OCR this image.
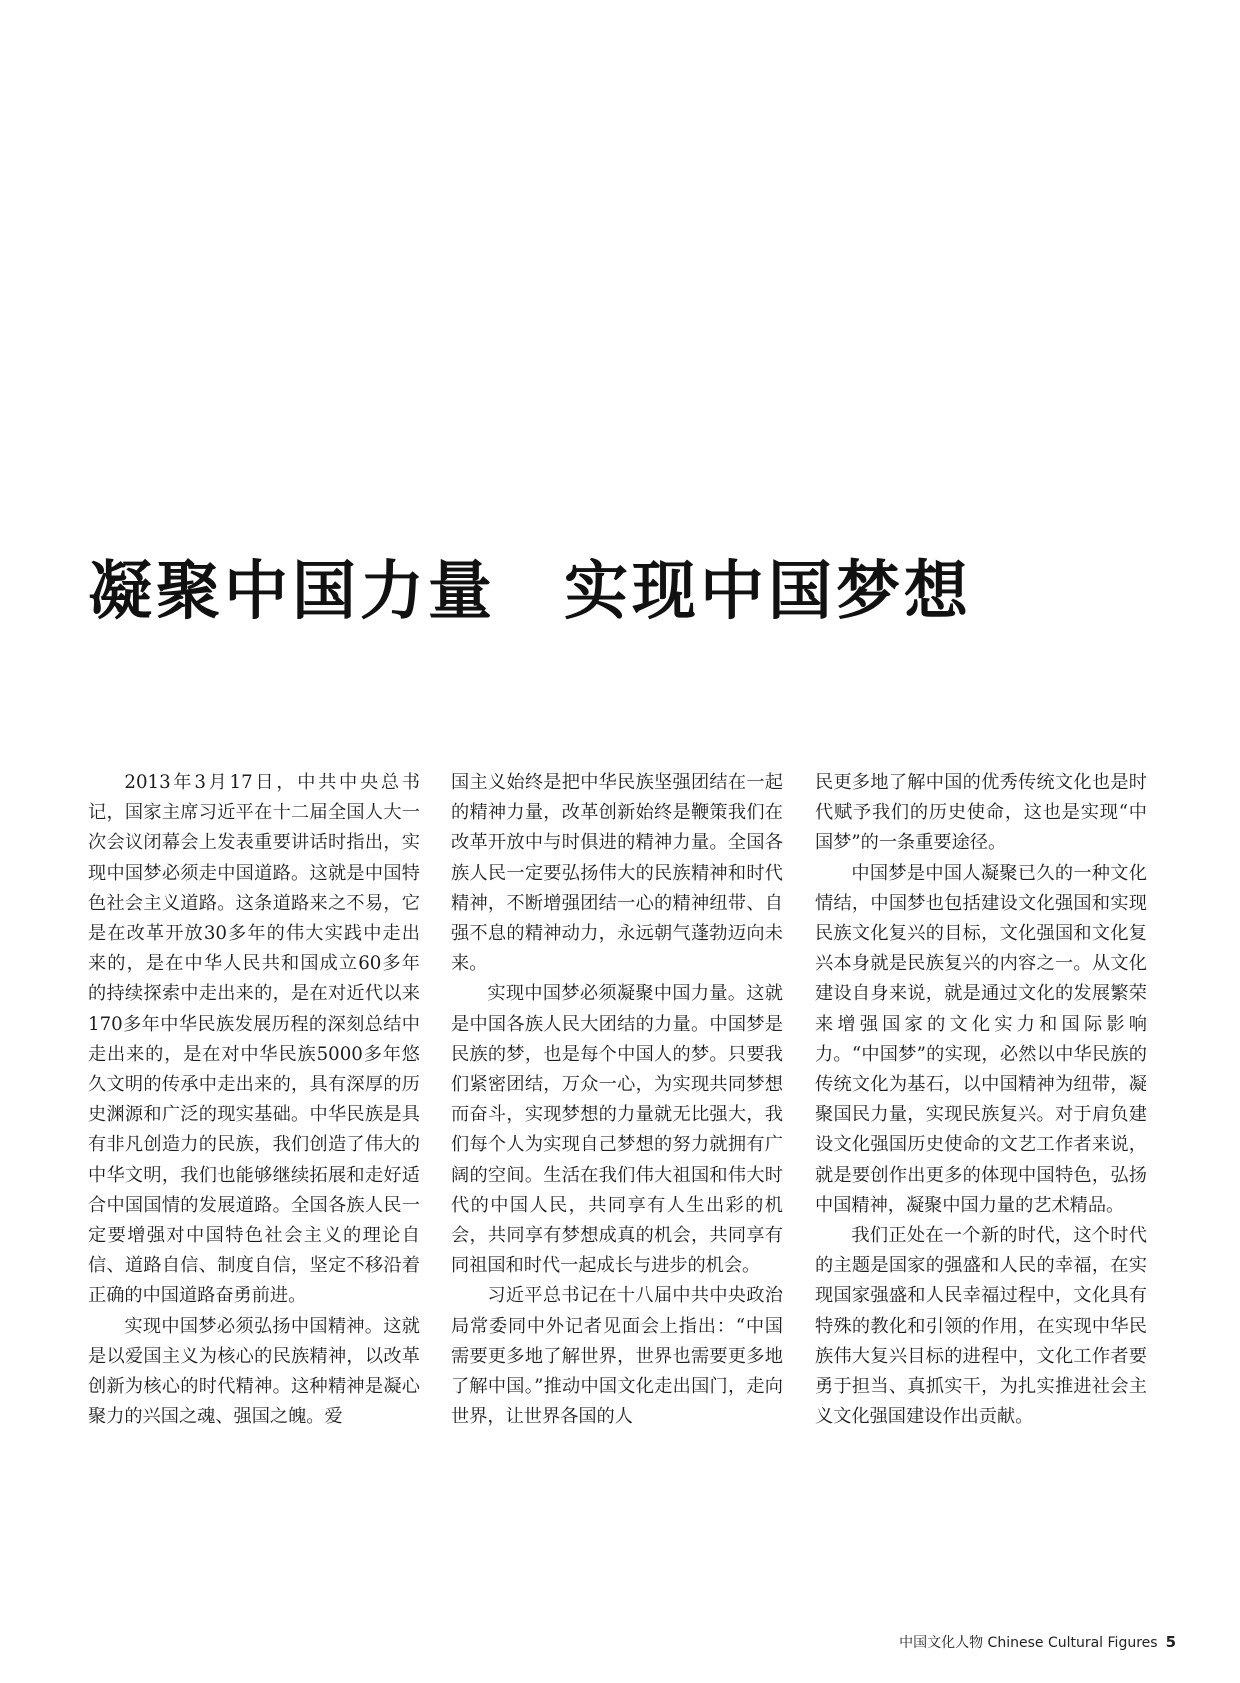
凝聚中国力量　实现中国梦想

2013年3月17日，中共中央总书记，国家主席习近平在十二届全国人大一次会议闭幕会上发表重要讲话时指出，实现中国梦必须走中国道路。这就是中国特色社会主义道路。这条道路来之不易，它是在改革开放30多年的伟大实践中走出来的，是在中华人民共和国成立60多年的持续探索中走出来的，是在对近代以来170多年中华民族发展历程的深刻总结中走出来的，是在对中华民族5000多年悠久文明的传承中走出来的，具有深厚的历史渊源和广泛的现实基础。中华民族是具有非凡创造力的民族，我们创造了伟大的中华文明，我们也能够继续拓展和走好适合中国国情的发展道路。全国各族人民一定要增强对中国特色社会主义的理论自信、道路自信、制度自信，坚定不移沿着正确的中国道路奋勇前进。

实现中国梦必须弘扬中国精神。这就是以爱国主义为核心的民族精神，以改革创新为核心的时代精神。这种精神是凝心聚力的兴国之魂、强国之魄。爱

国主义始终是把中华民族坚强团结在一起的精神力量，改革创新始终是鞭策我们在改革开放中与时俱进的精神力量。全国各族人民一定要弘扬伟大的民族精神和时代精神，不断增强团结一心的精神纽带、自强不息的精神动力，永远朝气蓬勃迈向未来。

实现中国梦必须凝聚中国力量。这就是中国各族人民大团结的力量。中国梦是民族的梦，也是每个中国人的梦。只要我们紧密团结，万众一心，为实现共同梦想而奋斗，实现梦想的力量就无比强大，我们每个人为实现自己梦想的努力就拥有广阔的空间。生活在我们伟大祖国和伟大时代的中国人民，共同享有人生出彩的机会，共同享有梦想成真的机会，共同享有同祖国和时代一起成长与进步的机会。

习近平总书记在十八届中共中央政治局常委同中外记者见面会上指出：“中国需要更多地了解世界，世界也需要更多地了解中国。”推动中国文化走出国门，走向世界，让世界各国的人

民更多地了解中国的优秀传统文化也是时代赋予我们的历史使命，这也是实现“中国梦”的一条重要途径。

中国梦是中国人凝聚已久的一种文化情结，中国梦也包括建设文化强国和实现民族文化复兴的目标，文化强国和文化复兴本身就是民族复兴的内容之一。从文化建设自身来说，就是通过文化的发展繁荣来增强国家的文化实力和国际影响力。“中国梦”的实现，必然以中华民族的传统文化为基石，以中国精神为纽带，凝聚国民力量，实现民族复兴。对于肩负建设文化强国历史使命的文艺工作者来说，就是要创作出更多的体现中国特色，弘扬中国精神，凝聚中国力量的艺术精品。

我们正处在一个新的时代，这个时代的主题是国家的强盛和人民的幸福，在实现国家强盛和人民幸福过程中，文化具有特殊的教化和引领的作用，在实现中华民族伟大复兴目标的进程中，文化工作者要勇于担当、真抓实干，为扎实推进社会主义文化强国建设作出贡献。

中国文化人物 Chinese Cultural Figures 5
